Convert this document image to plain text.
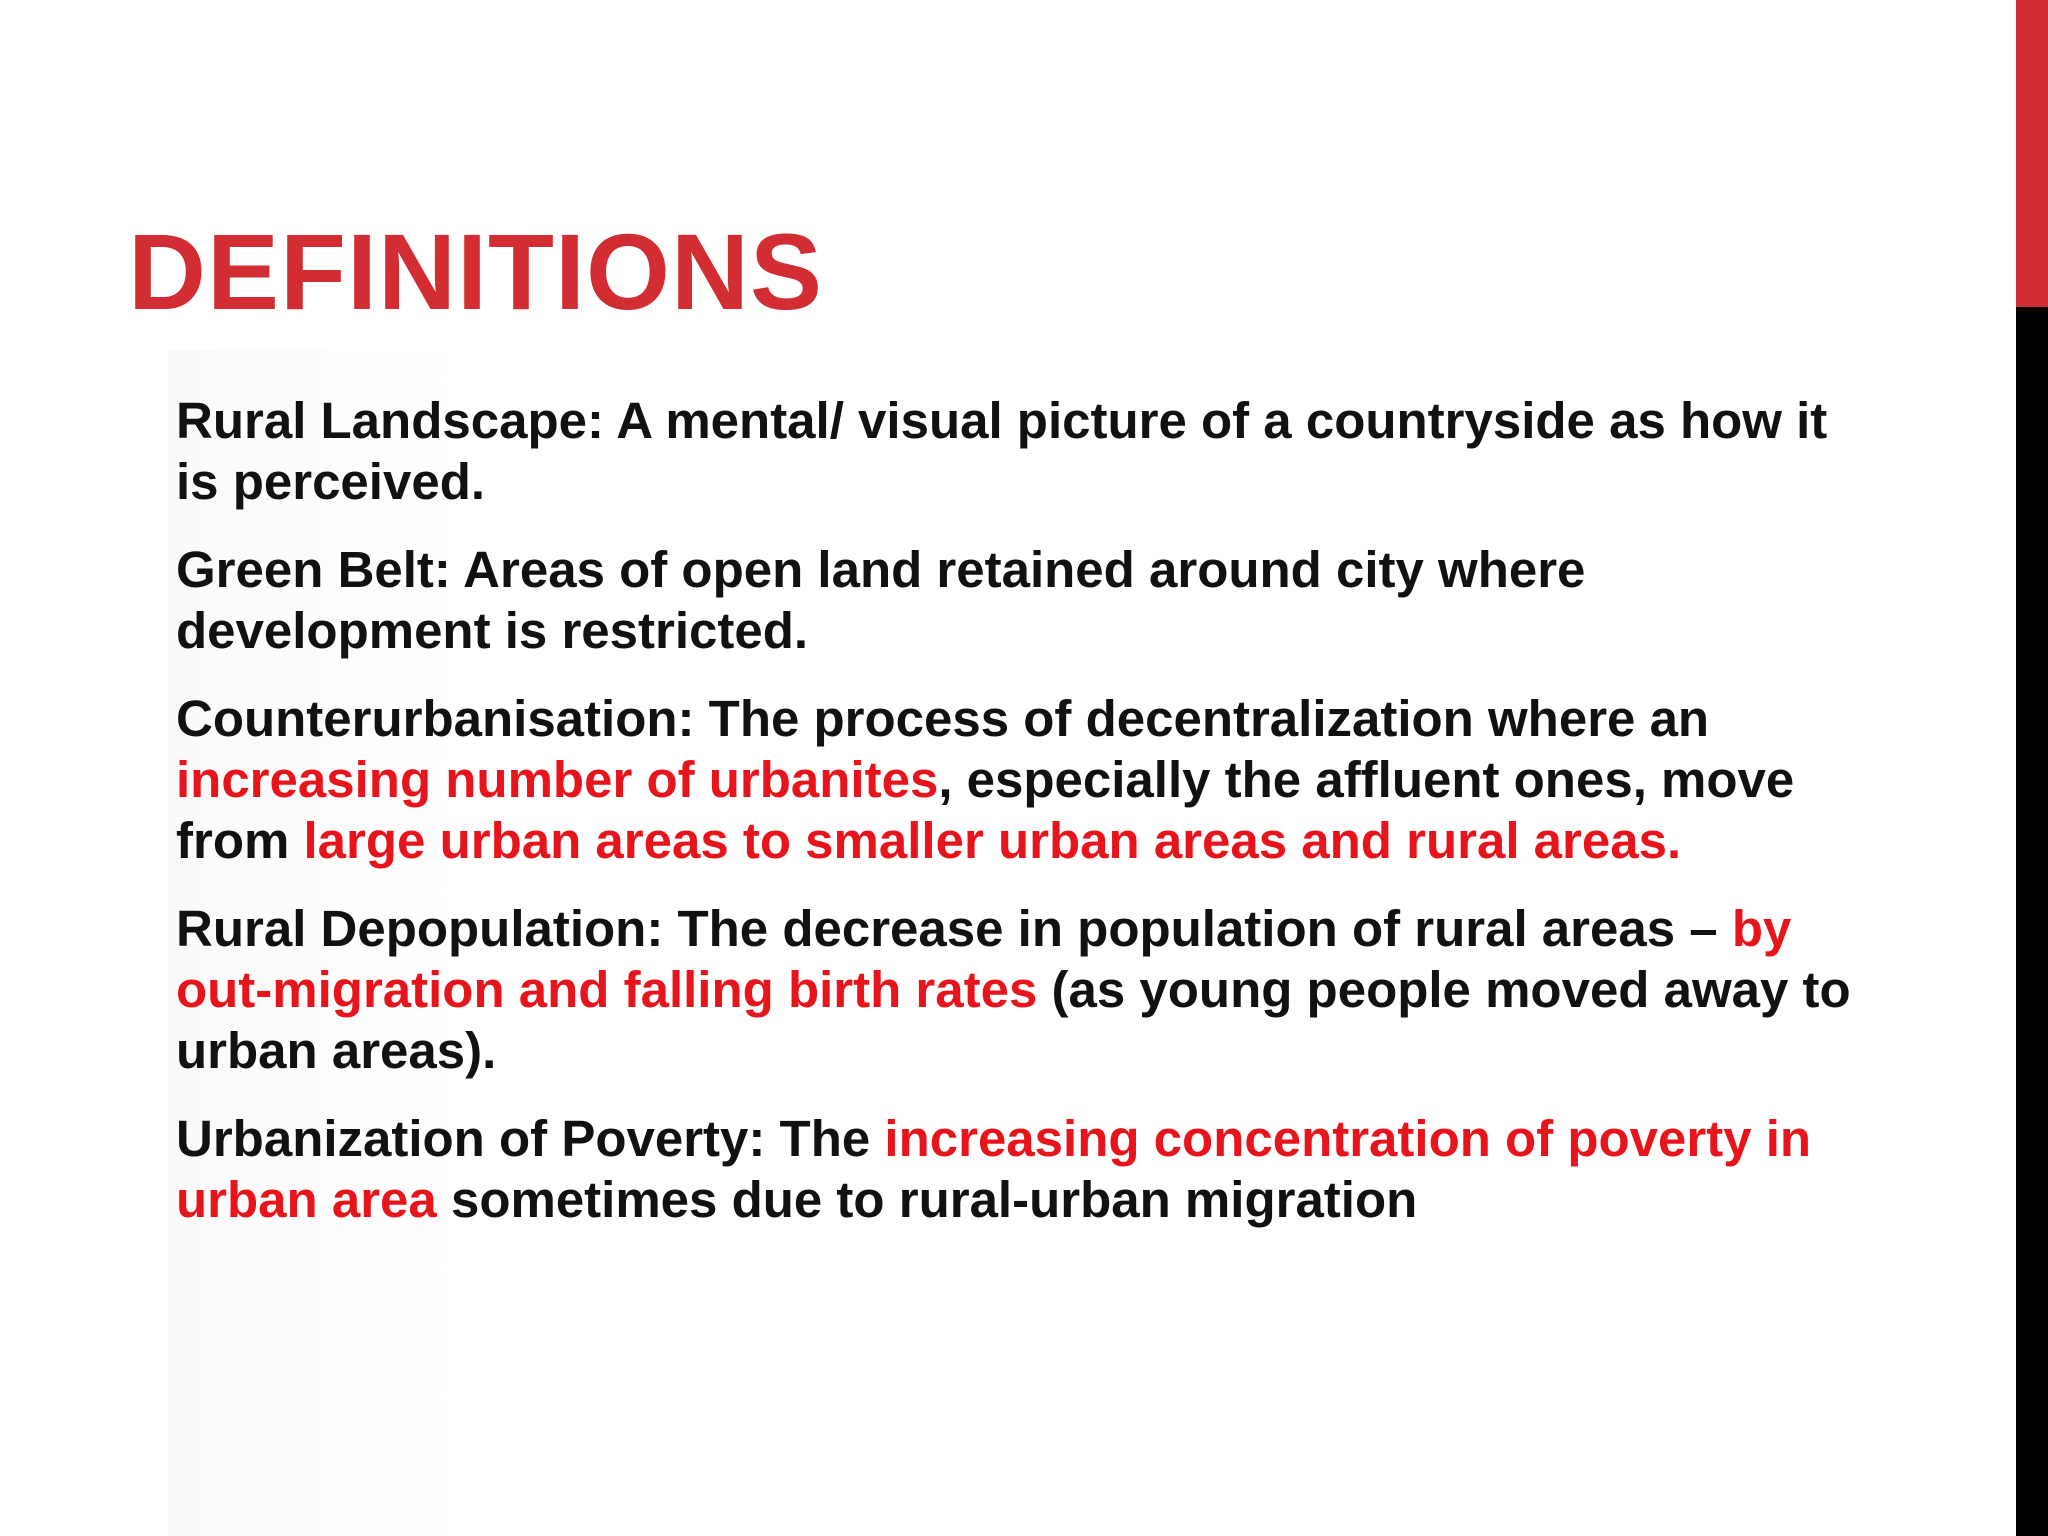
DEFINITIONS

Rural Landscape: A mental/ visual picture of a countryside as how it is perceived.

Green Belt: Areas of open land retained around city where development is restricted.

Counterurbanisation: The process of decentralization where an increasing number of urbanites, especially the affluent ones, move from large urban areas to smaller urban areas and rural areas.

Rural Depopulation: The decrease in population of rural areas – by out-migration and falling birth rates (as young people moved away to urban areas).

Urbanization of Poverty: The increasing concentration of poverty in urban area sometimes due to rural-urban migration
